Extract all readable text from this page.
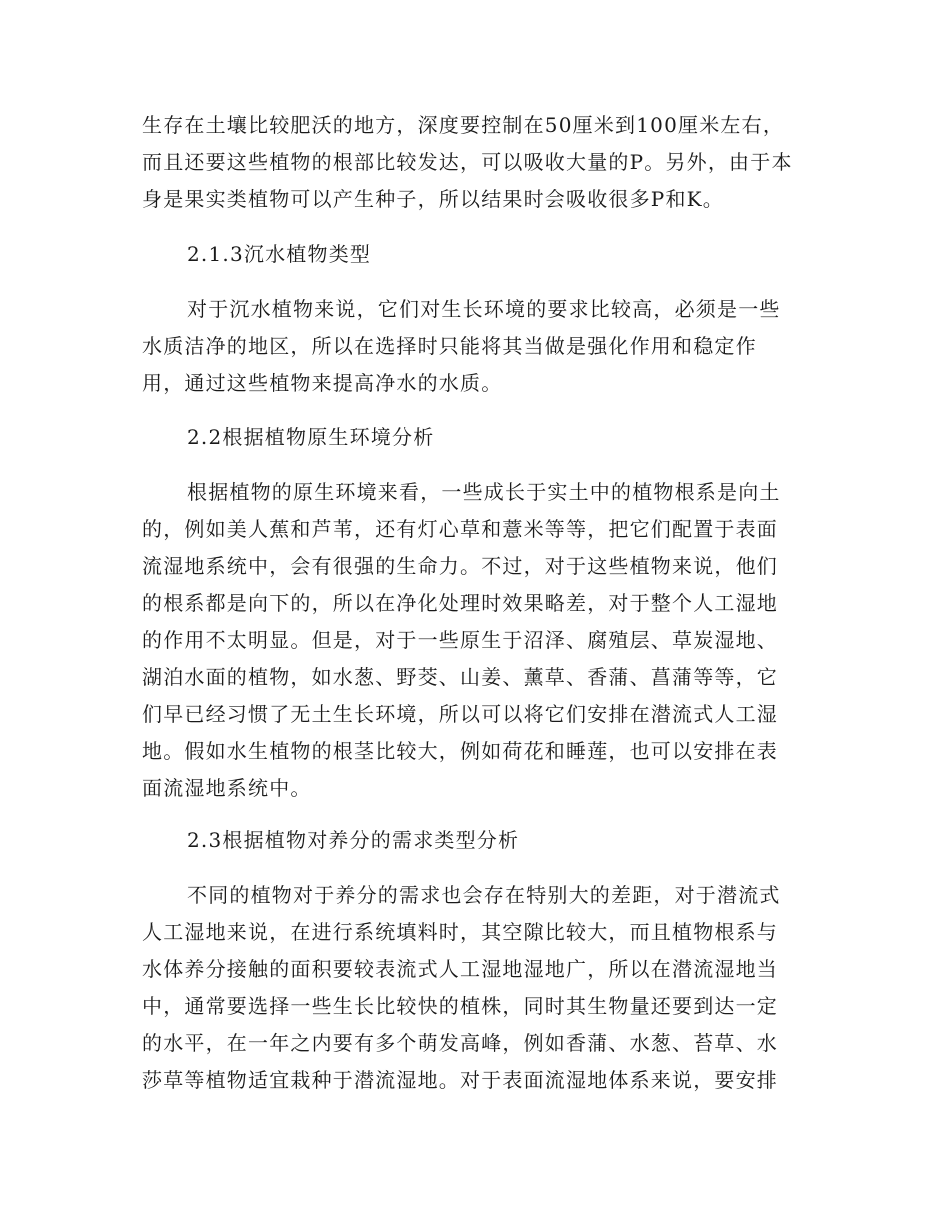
生存在土壤比较肥沃的地方，深度要控制在50厘米到100厘米左右，
而且还要这些植物的根部比较发达，可以吸收大量的P。另外，由于本
身是果实类植物可以产生种子，所以结果时会吸收很多P和K。
2.1.3沉水植物类型
对于沉水植物来说，它们对生长环境的要求比较高，必须是一些
水质洁净的地区，所以在选择时只能将其当做是强化作用和稳定作
用，通过这些植物来提高净水的水质。
2.2根据植物原生环境分析
根据植物的原生环境来看，一些成长于实土中的植物根系是向土
的，例如美人蕉和芦苇，还有灯心草和薏米等等，把它们配置于表面
流湿地系统中，会有很强的生命力。不过，对于这些植物来说，他们
的根系都是向下的，所以在净化处理时效果略差，对于整个人工湿地
的作用不太明显。但是，对于一些原生于沼泽、腐殖层、草炭湿地、
湖泊水面的植物，如水葱、野茭、山姜、薰草、香蒲、菖蒲等等，它
们早已经习惯了无土生长环境，所以可以将它们安排在潜流式人工湿
地。假如水生植物的根茎比较大，例如荷花和睡莲，也可以安排在表
面流湿地系统中。
2.3根据植物对养分的需求类型分析
不同的植物对于养分的需求也会存在特别大的差距，对于潜流式
人工湿地来说，在进行系统填料时，其空隙比较大，而且植物根系与
水体养分接触的面积要较表流式人工湿地湿地广，所以在潜流湿地当
中，通常要选择一些生长比较快的植株，同时其生物量还要到达一定
的水平，在一年之内要有多个萌发高峰，例如香蒲、水葱、苔草、水
莎草等植物适宜栽种于潜流湿地。对于表面流湿地体系来说，要安排
